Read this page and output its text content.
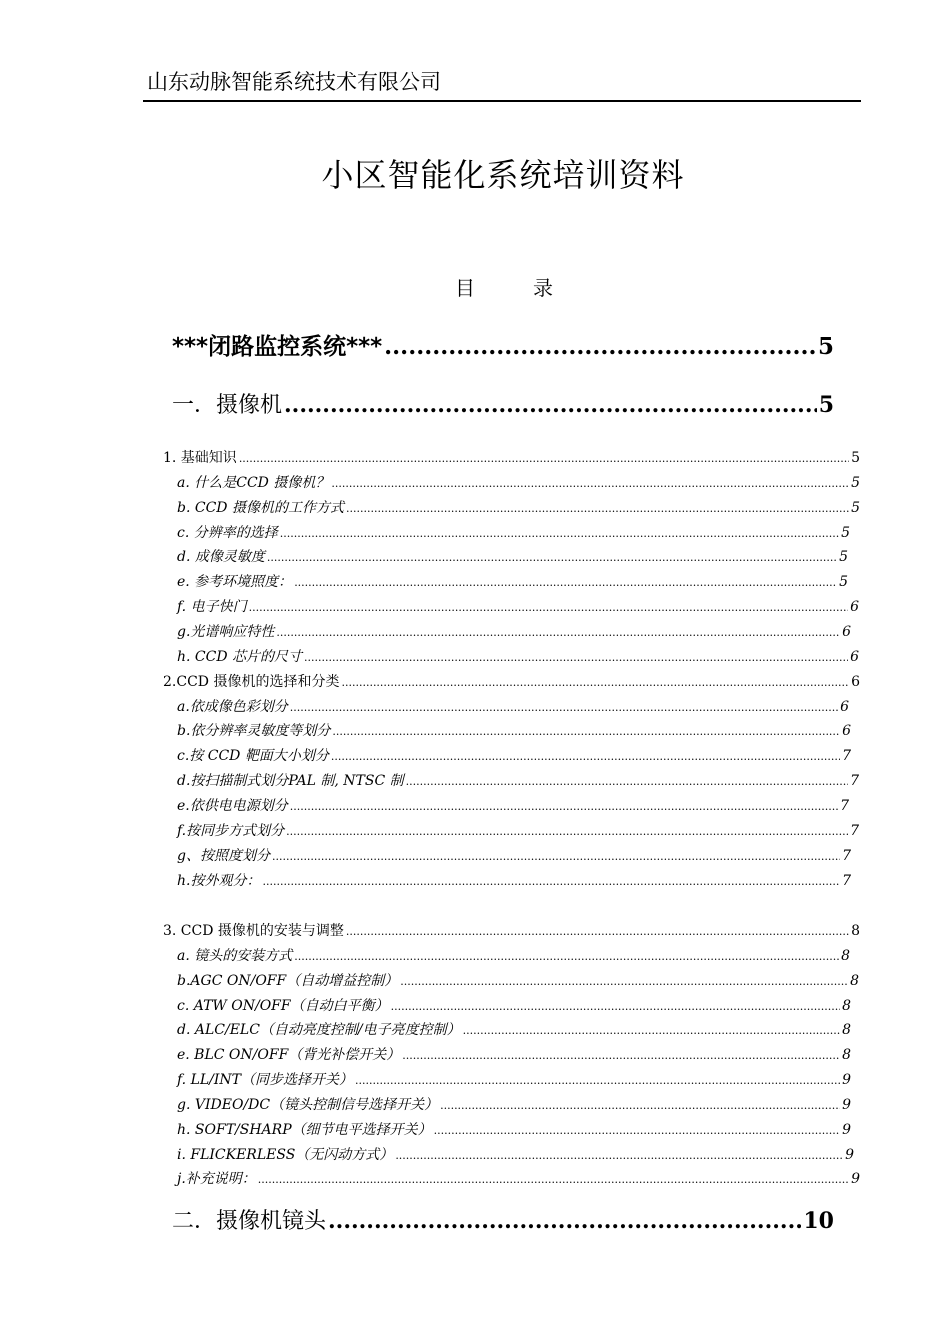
山东动脉智能系统技术有限公司
小区智能化系统培训资料
目	录
***闭路监控系统*** .....	5
一．摄像机 .....	5
1. 基础知识 .....	5
a. 什么是CCD 摄像机？ .....	5
b. CCD 摄像机的工作方式 .....	5
c. 分辨率的选择 .....	5
d. 成像灵敏度 .....	5
e. 参考环境照度： .....	5
f. 电子快门 .....	6
g.光谱响应特性 .....	6
h. CCD 芯片的尺寸 .....	6
2.CCD 摄像机的选择和分类 .....	6
a.依成像色彩划分 .....	6
b.依分辨率灵敏度等划分 .....	6
c.按 CCD 靶面大小划分 .....	7
d.按扫描制式划分PAL 制, NTSC 制 .....	7
e.依供电电源划分 .....	7
f.按同步方式划分 .....	7
g、按照度划分 .....	7
h.按外观分： .....	7
3. CCD 摄像机的安装与调整 .....	8
a. 镜头的安装方式 .....	8
b.AGC ON/OFF（自动增益控制） .....	8
c. ATW ON/OFF（自动白平衡） .....	8
d. ALC/ELC（自动亮度控制/电子亮度控制） .....	8
e. BLC ON/OFF（背光补偿开关） .....	8
f. LL/INT（同步选择开关） .....	9
g. VIDEO/DC（镜头控制信号选择开关） .....	9
h. SOFT/SHARP（细节电平选择开关） .....	9
i. FLICKERLESS（无闪动方式） .....	9
j.补充说明： .....	9
二．摄像机镜头 .....	10
